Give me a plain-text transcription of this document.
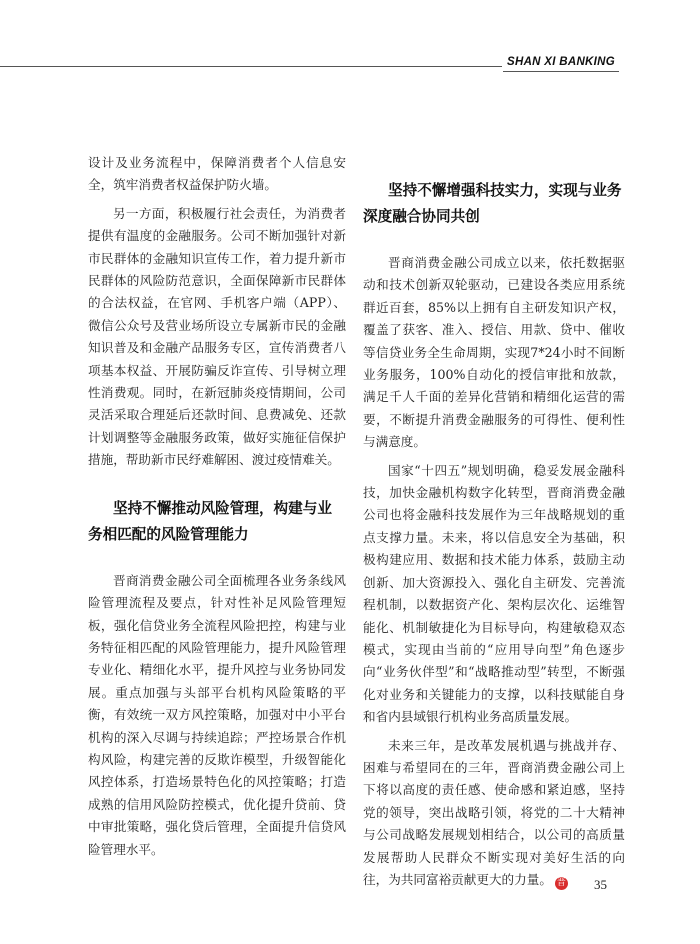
SHAN XI BANKING

设计及业务流程中，保障消费者个人信息安全，筑牢消费者权益保护防火墙。

另一方面，积极履行社会责任，为消费者提供有温度的金融服务。公司不断加强针对新市民群体的金融知识宣传工作，着力提升新市民群体的风险防范意识，全面保障新市民群体的合法权益，在官网、手机客户端（APP）、微信公众号及营业场所设立专属新市民的金融知识普及和金融产品服务专区，宣传消费者八项基本权益、开展防骗反诈宣传、引导树立理性消费观。同时，在新冠肺炎疫情期间，公司灵活采取合理延后还款时间、息费减免、还款计划调整等金融服务政策，做好实施征信保护措施，帮助新市民纾难解困、渡过疫情难关。

坚持不懈推动风险管理，构建与业务相匹配的风险管理能力

晋商消费金融公司全面梳理各业务条线风险管理流程及要点，针对性补足风险管理短板，强化信贷业务全流程风险把控，构建与业务特征相匹配的风险管理能力，提升风险管理专业化、精细化水平，提升风控与业务协同发展。重点加强与头部平台机构风险策略的平衡，有效统一双方风控策略，加强对中小平台机构的深入尽调与持续追踪；严控场景合作机构风险，构建完善的反欺诈模型，升级智能化风控体系，打造场景特色化的风控策略；打造成熟的信用风险防控模式，优化提升贷前、贷中审批策略，强化贷后管理，全面提升信贷风险管理水平。

坚持不懈增强科技实力，实现与业务深度融合协同共创

晋商消费金融公司成立以来，依托数据驱动和技术创新双轮驱动，已建设各类应用系统群近百套，85%以上拥有自主研发知识产权，覆盖了获客、准入、授信、用款、贷中、催收等信贷业务全生命周期，实现7*24小时不间断业务服务，100%自动化的授信审批和放款，满足千人千面的差异化营销和精细化运营的需要，不断提升消费金融服务的可得性、便利性与满意度。

国家“十四五”规划明确，稳妥发展金融科技，加快金融机构数字化转型，晋商消费金融公司也将金融科技发展作为三年战略规划的重点支撑力量。未来，将以信息安全为基础，积极构建应用、数据和技术能力体系，鼓励主动创新、加大资源投入、强化自主研发、完善流程机制，以数据资产化、架构层次化、运维智能化、机制敏捷化为目标导向，构建敏稳双态模式，实现由当前的“应用导向型”角色逐步向“业务伙伴型”和“战略推动型”转型，不断强化对业务和关键能力的支撑，以科技赋能自身和省内县域银行机构业务高质量发展。

未来三年，是改革发展机遇与挑战并存、困难与希望同在的三年，晋商消费金融公司上下将以高度的责任感、使命感和紧迫感，坚持党的领导，突出战略引领，将党的二十大精神与公司战略发展规划相结合，以公司的高质量发展帮助人民群众不断实现对美好生活的向往，为共同富裕贡献更大的力量。 晋	35
